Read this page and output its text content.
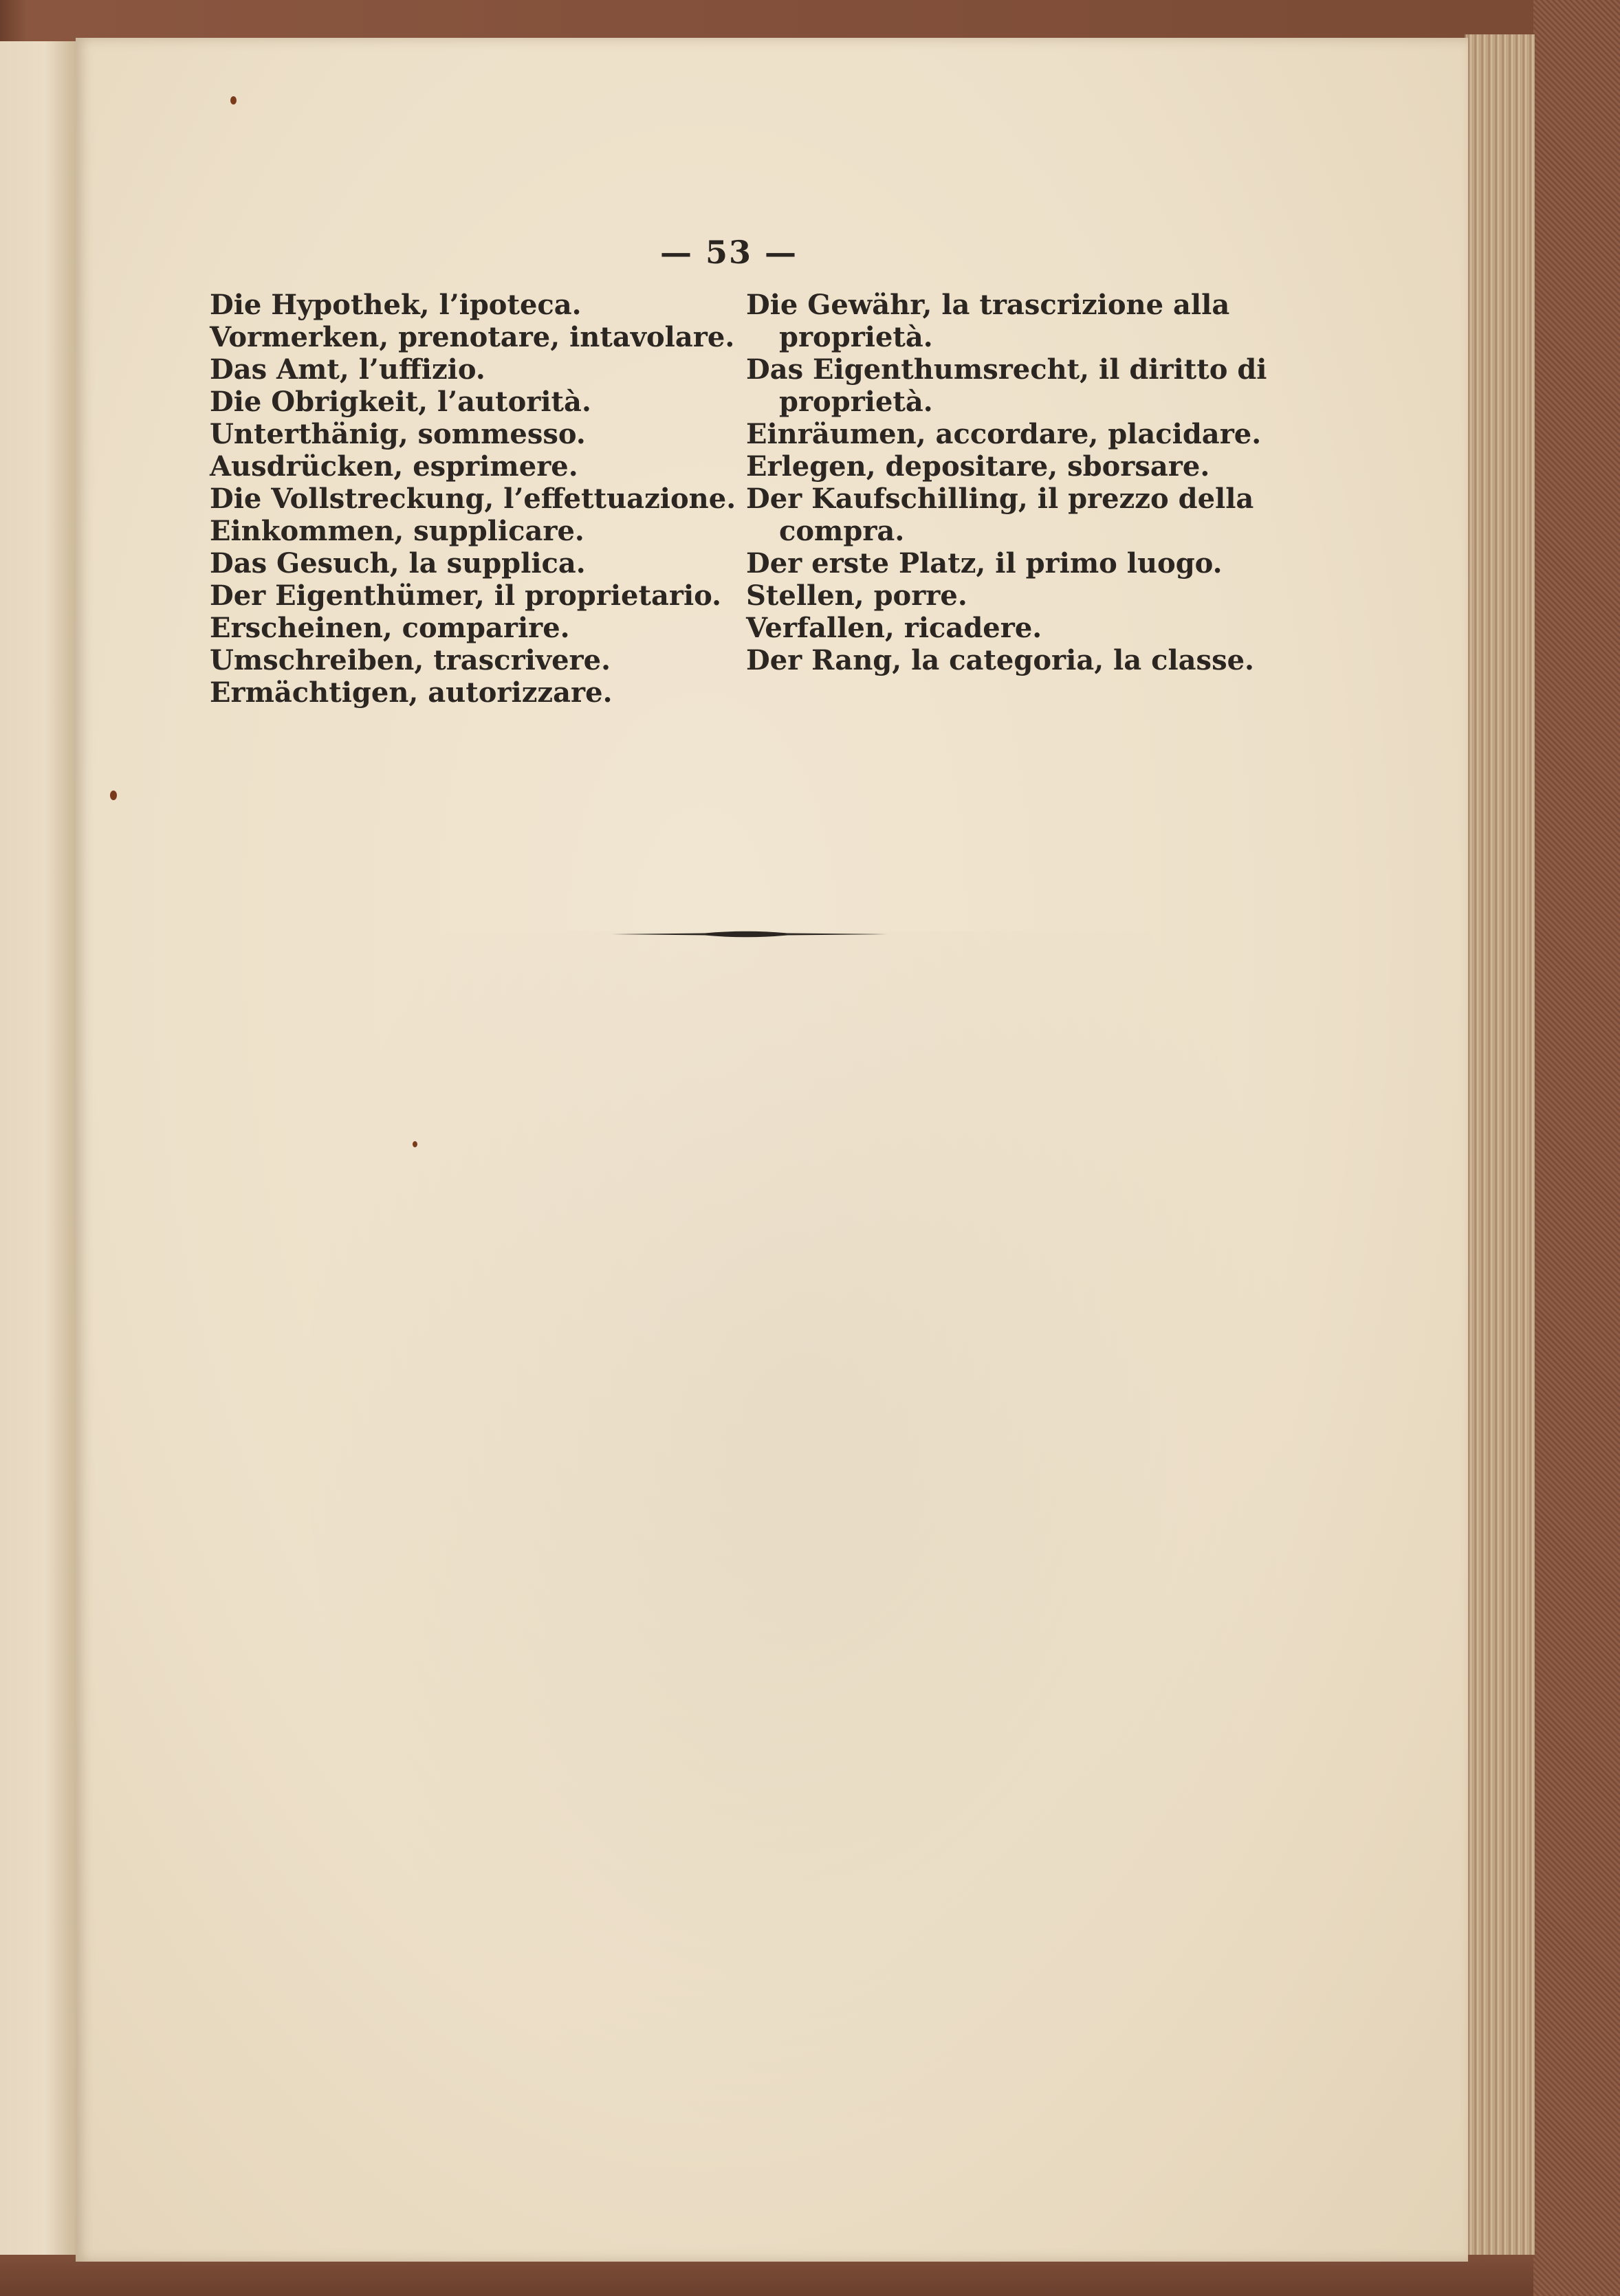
— 53 —
Die Hypothek, l’ipoteca.
Vormerken, prenotare, intavolare.
Das Amt, l’uffizio.
Die Obrigkeit, l’autorità.
Unterthänig, sommesso.
Ausdrücken, esprimere.
Die Vollstreckung, l’effettuazione.
Einkommen, supplicare.
Das Gesuch, la supplica.
Der Eigenthümer, il proprietario.
Erscheinen, comparire.
Umschreiben, trascrivere.
Ermächtigen, autorizzare.
Die Gewähr, la trascrizione alla
proprietà.
Das Eigenthumsrecht, il diritto di
proprietà.
Einräumen, accordare, placidare.
Erlegen, depositare, sborsare.
Der Kaufschilling, il prezzo della
compra.
Der erste Platz, il primo luogo.
Stellen, porre.
Verfallen, ricadere.
Der Rang, la categoria, la classe.
